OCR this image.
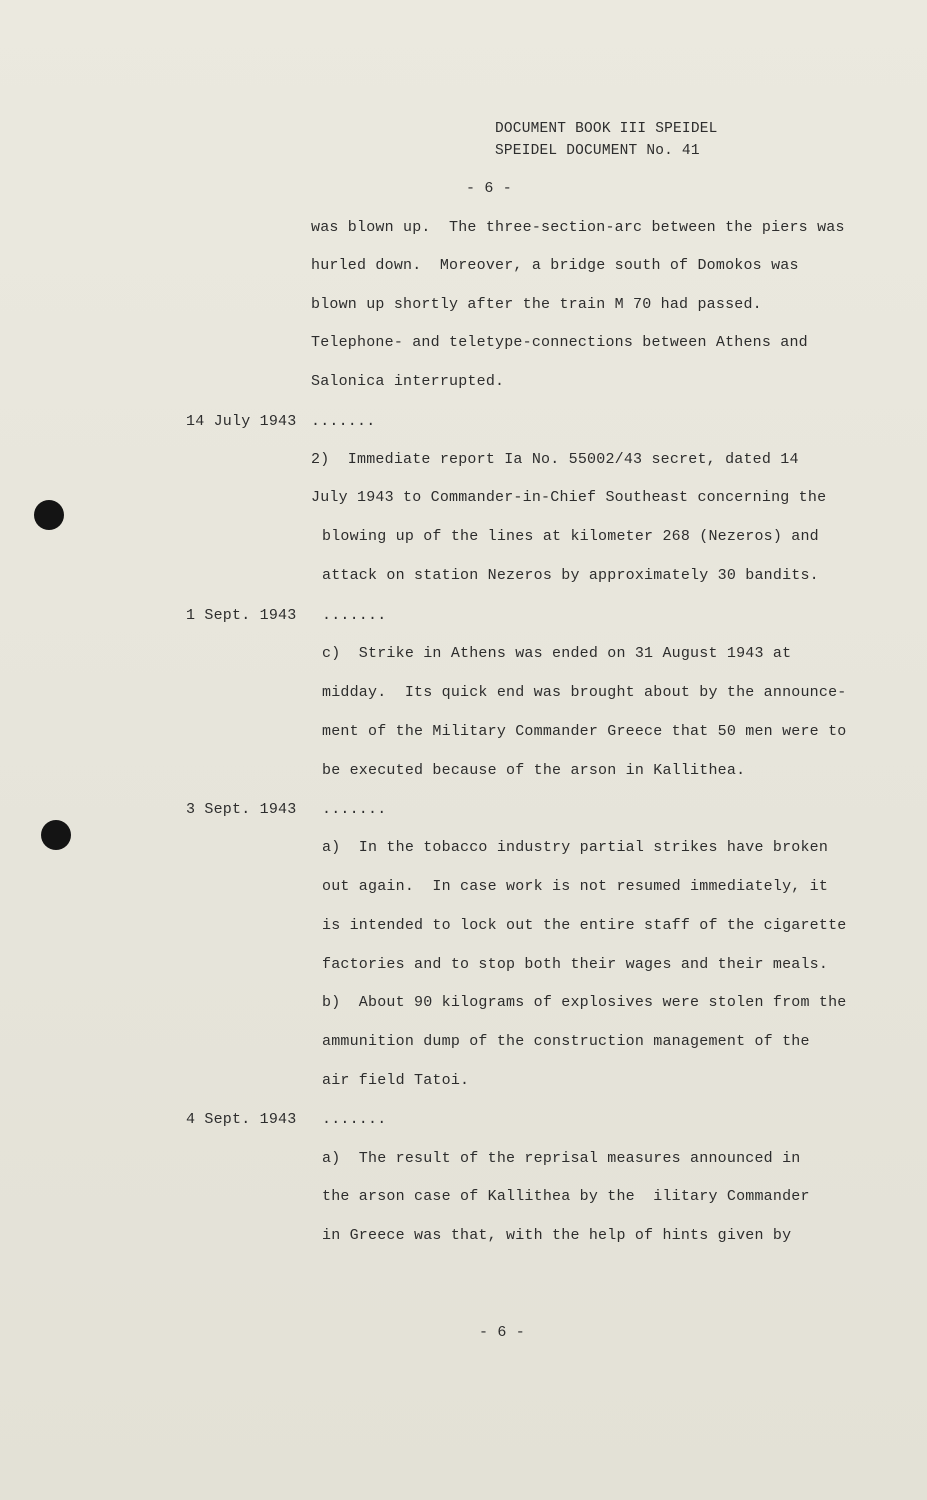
DOCUMENT BOOK III SPEIDEL
SPEIDEL DOCUMENT No. 41
- 6 -
was blown up.  The three-section-arc between the piers was
hurled down.  Moreover, a bridge south of Domokos was
blown up shortly after the train M 70 had passed.
Telephone- and teletype-connections between Athens and
Salonica interrupted.
14 July 1943 .......
2)  Immediate report Ia No. 55002/43 secret, dated 14
July 1943 to Commander-in-Chief Southeast concerning the
blowing up of the lines at kilometer 268 (Nezeros) and
attack on station Nezeros by approximately 30 bandits.
1 Sept. 1943 .......
c)  Strike in Athens was ended on 31 August 1943 at
midday.  Its quick end was brought about by the announce-
ment of the Military Commander Greece that 50 men were to
be executed because of the arson in Kallithea.
3 Sept. 1943 .......
a)  In the tobacco industry partial strikes have broken
out again.  In case work is not resumed immediately, it
is intended to lock out the entire staff of the cigarette
factories and to stop both their wages and their meals.
b)  About 90 kilograms of explosives were stolen from the
ammunition dump of the construction management of the
air field Tatoi.
4 Sept. 1943 .......
a)  The result of the reprisal measures announced in
the arson case of Kallithea by the  ilitary Commander
in Greece was that, with the help of hints given by
- 6 -
